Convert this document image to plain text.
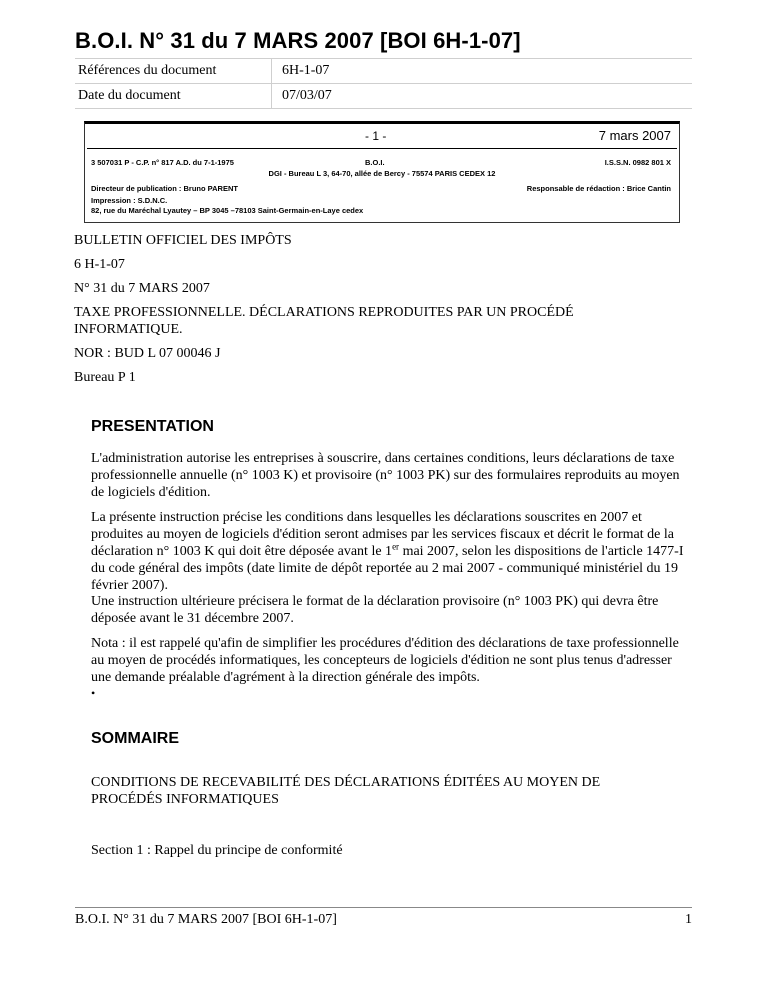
B.O.I. N° 31 du 7 MARS 2007 [BOI 6H-1-07]
Références du document	6H-1-07
Date du document	07/03/07
- 1 -	7 mars 2007
3 507031 P - C.P. n° 817 A.D. du 7-1-1975	B.O.I.	I.S.S.N. 0982 801 X
DGI - Bureau L 3, 64-70, allée de Bercy - 75574 PARIS CEDEX 12
Directeur de publication : Bruno PARENT	Responsable de rédaction : Brice Cantin
Impression : S.D.N.C.
82, rue du Maréchal Lyautey – BP 3045 –78103 Saint-Germain-en-Laye cedex

BULLETIN OFFICIEL DES IMPÔTS

6 H-1-07

N° 31 du 7 MARS 2007

TAXE PROFESSIONNELLE. DÉCLARATIONS REPRODUITES PAR UN PROCÉDÉ INFORMATIQUE.

NOR : BUD L 07 00046 J

Bureau P 1

PRESENTATION

L'administration autorise les entreprises à souscrire, dans certaines conditions, leurs déclarations de taxe professionnelle annuelle (n° 1003 K) et provisoire (n° 1003 PK) sur des formulaires reproduits au moyen de logiciels d'édition.

La présente instruction précise les conditions dans lesquelles les déclarations souscrites en 2007 et produites au moyen de logiciels d'édition seront admises par les services fiscaux et décrit le format de la déclaration n° 1003 K qui doit être déposée avant le 1er mai 2007, selon les dispositions de l'article 1477-I du code général des impôts (date limite de dépôt reportée au 2 mai 2007 - communiqué ministériel du 19 février 2007).

Une instruction ultérieure précisera le format de la déclaration provisoire (n° 1003 PK) qui devra être déposée avant le 31 décembre 2007.

Nota : il est rappelé qu'afin de simplifier les procédures d'édition des déclarations de taxe professionnelle au moyen de procédés informatiques, les concepteurs de logiciels d'édition ne sont plus tenus d'adresser une demande préalable d'agrément à la direction générale des impôts.

•
SOMMAIRE

CONDITIONS DE RECEVABILITÉ DES DÉCLARATIONS ÉDITÉES AU MOYEN DE PROCÉDÉS INFORMATIQUES

Section 1 : Rappel du principe de conformité

B.O.I. N° 31 du 7 MARS 2007 [BOI 6H-1-07]	1
